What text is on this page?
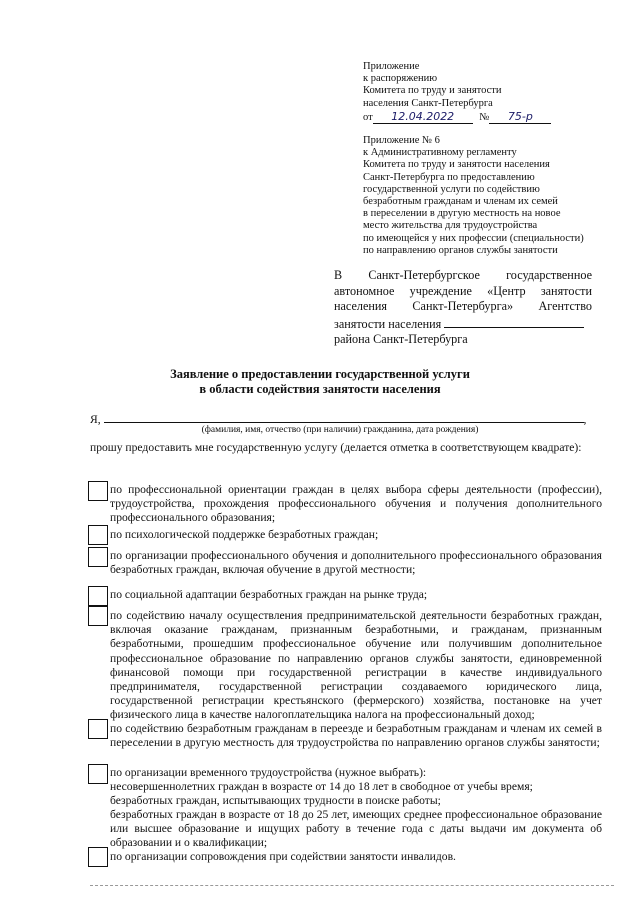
Приложение
к распоряжению
Комитета по труду и занятости
населения Санкт-Петербурга
от 12.04.2022 № 75-р
Приложение № 6
к Административному регламенту
Комитета по труду и занятости населения
Санкт-Петербурга по предоставлению
государственной услуги по содействию
безработным гражданам и членам их семей
в переселении в другую местность на новое
место жительства для трудоустройства
по имеющейся у них профессии (специальности)
по направлению органов службы занятости
В Санкт-Петербургское государственное автономное учреждение «Центр занятости населения Санкт-Петербурга» Агентство
занятости населения
района Санкт-Петербурга
Заявление о предоставлении государственной услуги
в области содействия занятости населения
Я,	,
(фамилия, имя, отчество (при наличии) гражданина, дата рождения)
прошу предоставить мне государственную услугу (делается отметка в соответствующем квадрате):
по профессиональной ориентации граждан в целях выбора сферы деятельности (профессии), трудоустройства, прохождения профессионального обучения и получения дополнительного профессионального образования;
по психологической поддержке безработных граждан;
по организации профессионального обучения и дополнительного профессионального образования безработных граждан, включая обучение в другой местности;
по социальной адаптации безработных граждан на рынке труда;
по содействию началу осуществления предпринимательской деятельности безработных граждан, включая оказание гражданам, признанным безработными, и гражданам, признанным безработными, прошедшим профессиональное обучение или получившим дополнительное профессиональное образование по направлению органов службы занятости, единовременной финансовой помощи при государственной регистрации в качестве индивидуального предпринимателя, государственной регистрации создаваемого юридического лица, государственной регистрации крестьянского (фермерского) хозяйства, постановке на учет физического лица в качестве налогоплательщика налога на профессиональный доход;
по содействию безработным гражданам в переезде и безработным гражданам и членам их семей в переселении в другую местность для трудоустройства по направлению органов службы занятости;
по организации временного трудоустройства (нужное выбрать):
несовершеннолетних граждан в возрасте от 14 до 18 лет в свободное от учебы время;
безработных граждан, испытывающих трудности в поиске работы;
безработных граждан в возрасте от 18 до 25 лет, имеющих среднее профессиональное образование или высшее образование и ищущих работу в течение года с даты выдачи им документа об образовании и о квалификации;
по организации сопровождения при содействии занятости инвалидов.
